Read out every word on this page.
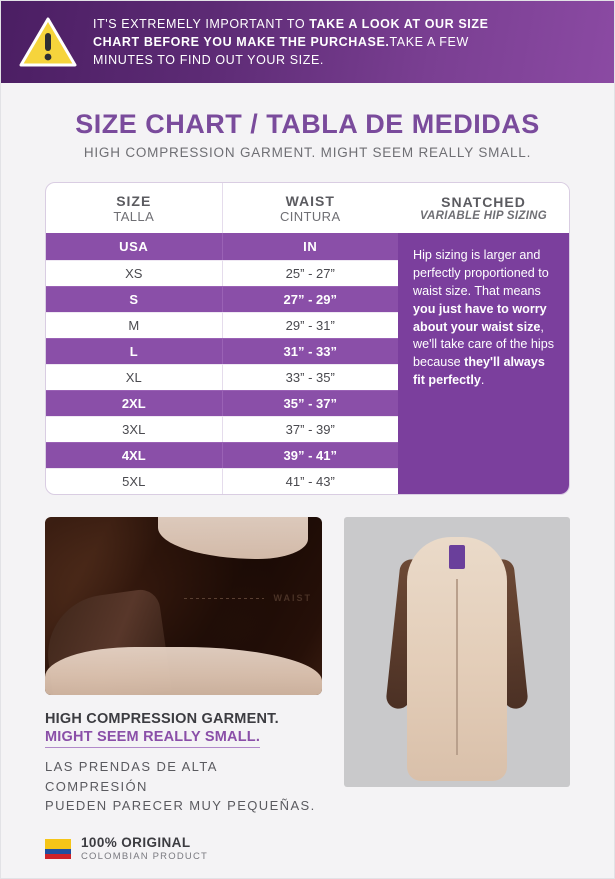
IT'S EXTREMELY IMPORTANT TO TAKE A LOOK AT OUR SIZE
CHART BEFORE YOU MAKE THE PURCHASE.TAKE A FEW
MINUTES TO FIND OUT YOUR SIZE.
SIZE CHART / TABLA DE MEDIDAS

HIGH COMPRESSION GARMENT. MIGHT SEEM REALLY SMALL.

SIZE
TALLA
WAIST
CINTURA
USA	IN
XS	25” - 27”
S	27” - 29”
M	29” - 31”
L	31” - 33”
XL	33” - 35”
2XL	35” - 37”
3XL	37” - 39”
4XL	39” - 41”
5XL	41” - 43”
SNATCHED
VARIABLE HIP SIZING
Hip sizing is larger and perfectly proportioned to waist size. That means you just have to worry about your waist size, we'll take care of the hips because they'll always fit perfectly.
WAIST

HIGH COMPRESSION GARMENT.

MIGHT SEEM REALLY SMALL.

LAS PRENDAS DE ALTA COMPRESIÓN

PUEDEN PARECER MUY PEQUEÑAS.

100% ORIGINAL
COLOMBIAN PRODUCT
